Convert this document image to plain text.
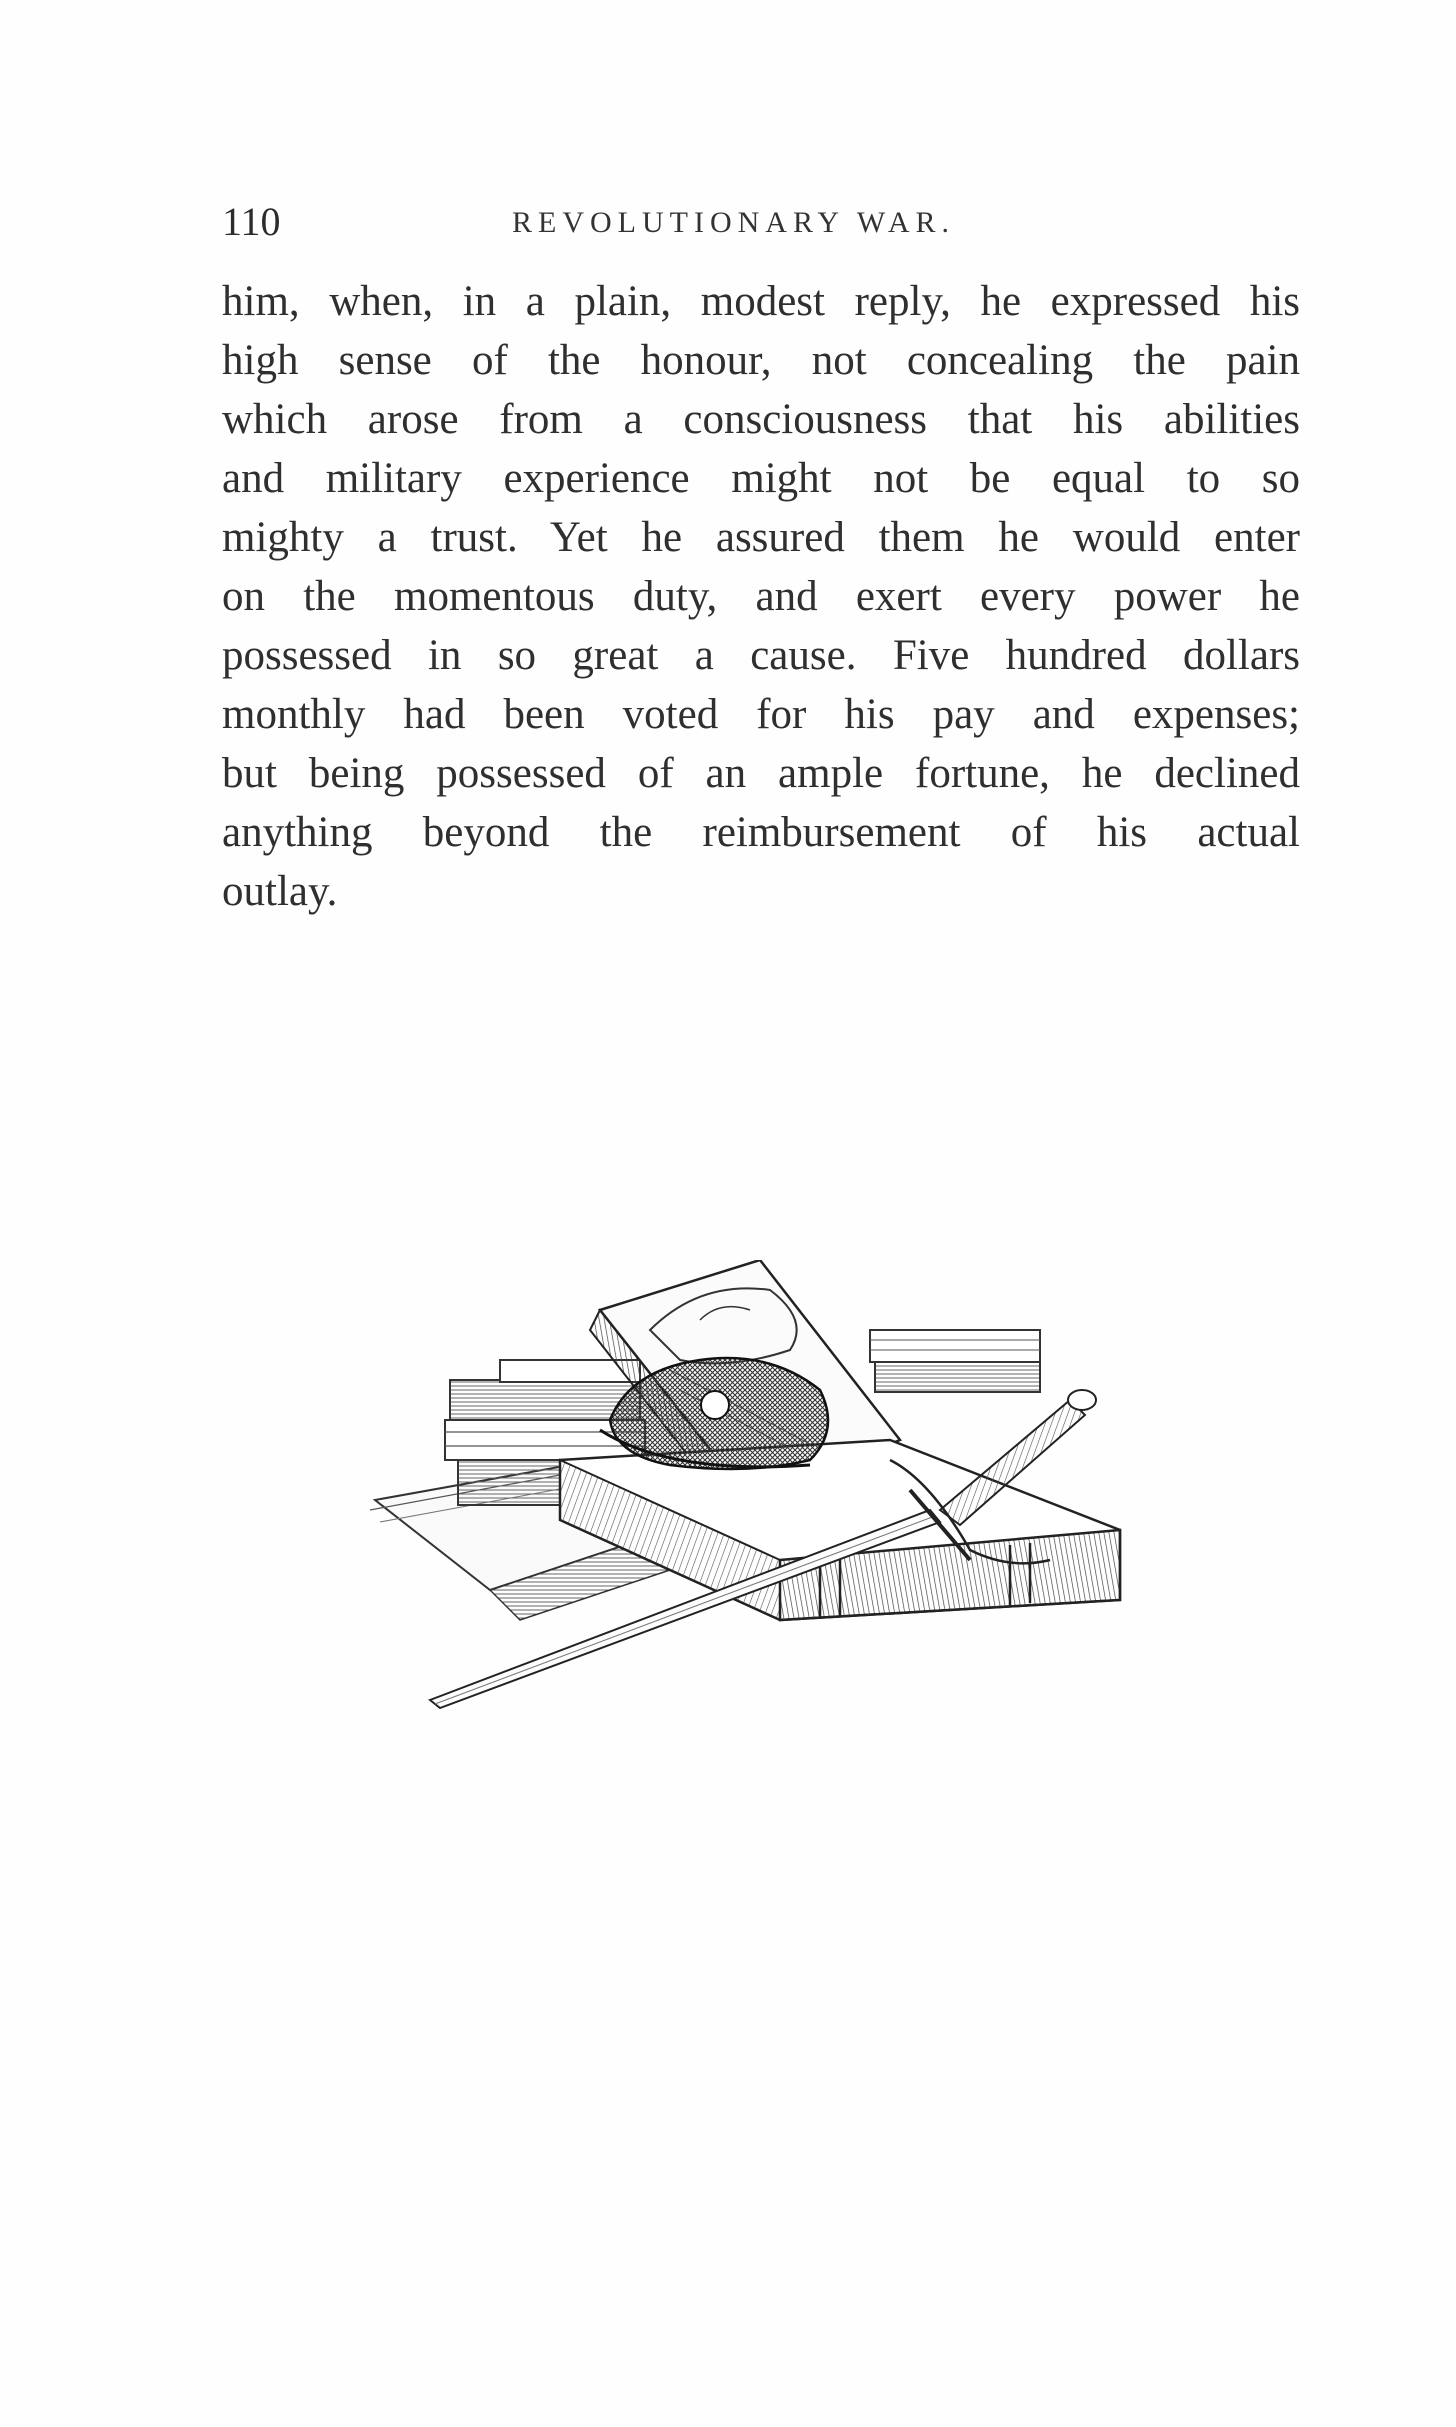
110	REVOLUTIONARY WAR.
him, when, in a plain, modest reply, he expressed his
high sense of the honour, not concealing the pain
which arose from a consciousness that his abilities
and military experience might not be equal to so
mighty a trust. Yet he assured them he would enter
on the momentous duty, and exert every power he
possessed in so great a cause. Five hundred dollars
monthly had been voted for his pay and expenses;
but being possessed of an ample fortune, he declined
anything beyond the reimbursement of his actual
outlay.
